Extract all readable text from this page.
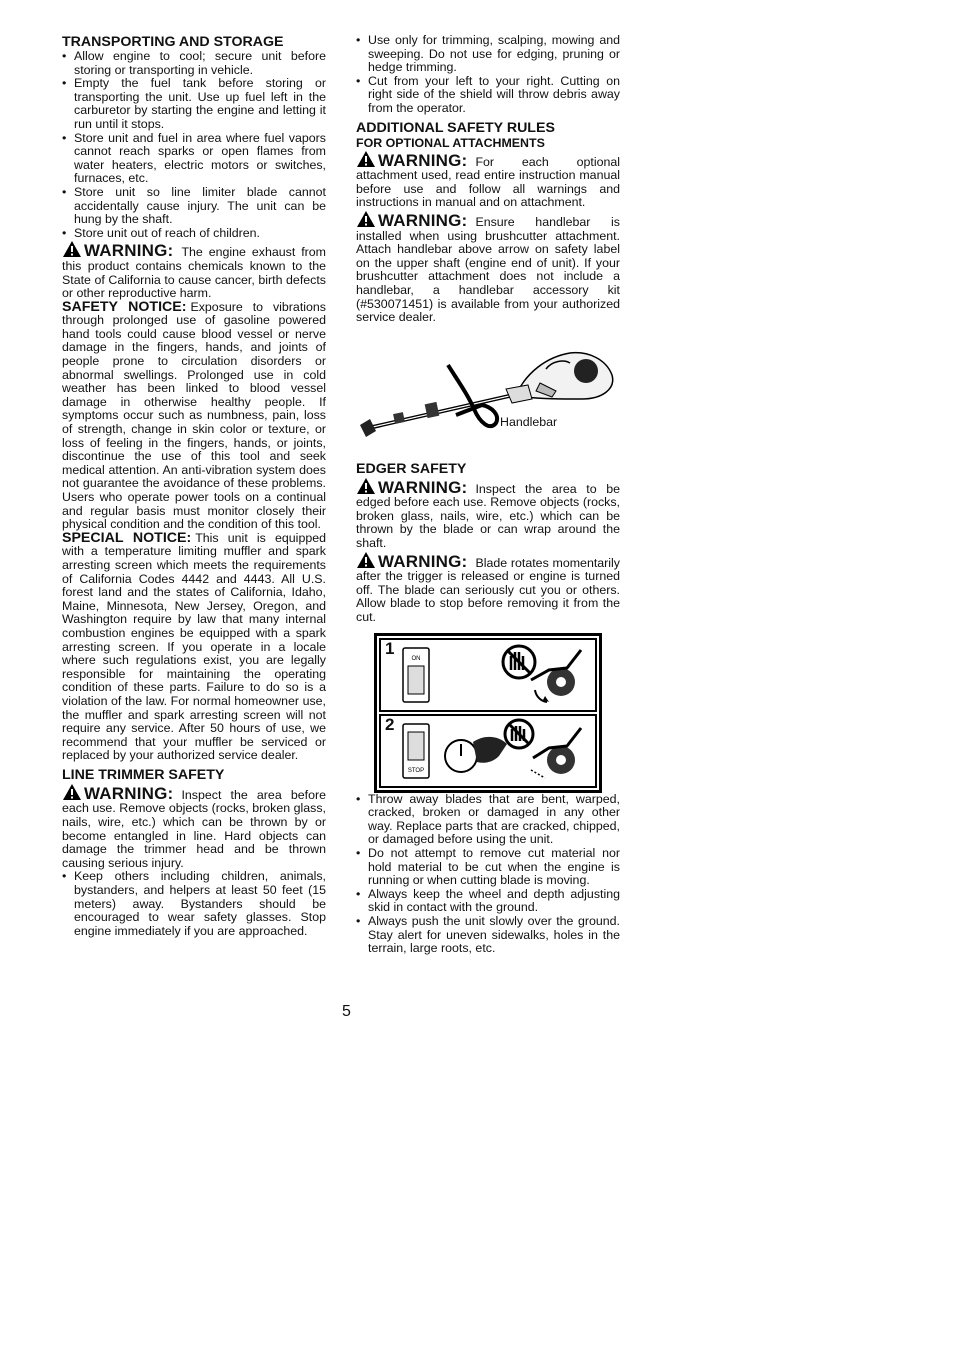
TRANSPORTING AND STORAGE
• Allow engine to cool; secure unit before storing or transporting in vehicle.
• Empty the fuel tank before storing or transporting the unit. Use up fuel left in the carburetor by starting the engine and letting it run until it stops.
• Store unit and fuel in area where fuel vapors cannot reach sparks or open flames from water heaters, electric motors or switches, furnaces, etc.
• Store unit so line limiter blade cannot accidentally cause injury. The unit can be hung by the shaft.
• Store unit out of reach of children.

WARNING: The engine exhaust from this product contains chemicals known to the State of California to cause cancer, birth defects or other reproductive harm.

SAFETY NOTICE: Exposure to vibrations through prolonged use of gasoline powered hand tools could cause blood vessel or nerve damage in the fingers, hands, and joints of people prone to circulation disorders or abnormal swellings. Prolonged use in cold weather has been linked to blood vessel damage in otherwise healthy people. If symptoms occur such as numbness, pain, loss of strength, change in skin color or texture, or loss of feeling in the fingers, hands, or joints, discontinue the use of this tool and seek medical attention. An anti-vibration system does not guarantee the avoidance of these problems. Users who operate power tools on a continual and regular basis must monitor closely their physical condition and the condition of this tool.

SPECIAL NOTICE: This unit is equipped with a temperature limiting muffler and spark arresting screen which meets the requirements of California Codes 4442 and 4443. All U.S. forest land and the states of California, Idaho, Maine, Minnesota, New Jersey, Oregon, and Washington require by law that many internal combustion engines be equipped with a spark arresting screen. If you operate in a locale where such regulations exist, you are legally responsible for maintaining the operating condition of these parts. Failure to do so is a violation of the law. For normal homeowner use, the muffler and spark arresting screen will not require any service. After 50 hours of use, we recommend that your muffler be serviced or replaced by your authorized service dealer.

LINE TRIMMER SAFETY

WARNING: Inspect the area before each use. Remove objects (rocks, broken glass, nails, wire, etc.) which can be thrown by or become entangled in line. Hard objects can damage the trimmer head and be thrown causing serious injury.

• Keep others including children, animals, bystanders, and helpers at least 50 feet (15 meters) away. Bystanders should be encouraged to wear safety glasses. Stop engine immediately if you are approached.
• Use only for trimming, scalping, mowing and sweeping. Do not use for edging, pruning or hedge trimming.
• Cut from your left to your right. Cutting on right side of the shield will throw debris away from the operator.
ADDITIONAL SAFETY RULES
FOR OPTIONAL ATTACHMENTS

WARNING: For each optional attachment used, read entire instruction manual before use and follow all warnings and instructions in manual and on attachment.

WARNING: Ensure handlebar is installed when using brushcutter attachment. Attach handlebar above arrow on safety label on the upper shaft (engine end of unit). If your brushcutter attachment does not include a handlebar, a handlebar accessory kit (#530071451) is available from your authorized service dealer.

Handlebar
EDGER SAFETY

WARNING: Inspect the area to be edged before each use. Remove objects (rocks, broken glass, nails, wire, etc.) which can be thrown by the blade or can wrap around the shaft.

WARNING: Blade rotates momentarily after the trigger is released or engine is turned off. The blade can seriously cut you or others. Allow blade to stop before removing it from the cut.

1
ON
2
STOP
• Throw away blades that are bent, warped, cracked, broken or damaged in any other way. Replace parts that are cracked, chipped, or damaged before using the unit.
• Do not attempt to remove cut material nor hold material to be cut when the engine is running or when cutting blade is moving.
• Always keep the wheel and depth adjusting skid in contact with the ground.
• Always push the unit slowly over the ground. Stay alert for uneven sidewalks, holes in the terrain, large roots, etc.
5
